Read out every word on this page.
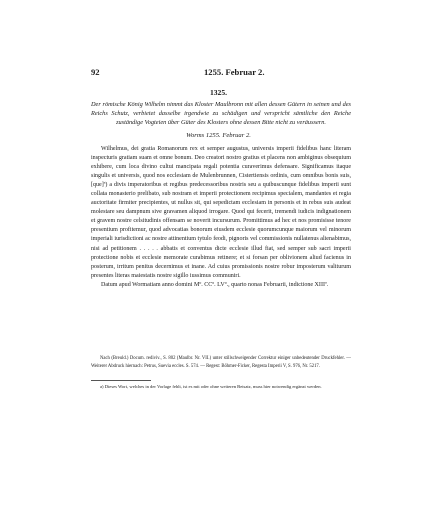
92	1255. Februar 2.
1325.
Der römische König Wilhelm nimmt das Kloster Maulbronn mit allen dessen Gütern in seinen und des Reichs Schutz, verbietet dasselbe irgendwie zu schädigen und verspricht sämtliche den Reiche zuständige Vogteien über Güter des Klosters ohne dessen Bitte nicht zu veräussern.
Worms 1255. Februar 2.

Wilhelmus, dei gratia Romanorum rex et semper augustus, universis imperii fidelibus hanc literam inspecturis gratiam suam et omne bonum. Deo creatori nostro gratius et placens non ambiginus obsequium exhibere, cum loca divino cultui mancipata regali potentia curaverimus defensare. Significamus itaque singulis et universis, quod nos ecclesiam de Mulenbrunnen, Cistertiensis ordinis, cum omnibus bonis suis, [que]ª) a divis imperatoribus et regibus predecessoribus nostris seu a quibuscunque fidelibus imperii sunt collata monasterio prelibato, sub nostram et imperii protectionem recipimus specialem, mandantes et regia auctoritate firmiter precipientes, ut nullus sit, qui sepedictam ecclesiam in personis et in rebus suis audeat molestare seu dampnum sive gravamen aliquod irrogare. Quod qui fecerit, tremendi iudicis indignationem et gravem nostre celsitudinis offensam se noverit incursurum. Promittimus ad hec et nos promisisse tenore presentium profitemur, quod advocatias bonorum eiusdem ecclesie quorumcunque maiorum vel minorum imperiali iurisdictioni ac nostre attinentium tytulo feodi, pignoris vel commissionis nullatenus alienabimus, nisi ad petitionem . . . . . abbatis et conventus dicte ecclesie illud fiat, sed semper sub sacri imperii protectione nobis et ecclesie memorate curabimus retinere; et si forsan per oblivionem aliud facienus in posterum, irritum penitus decernimus et inane. Ad cuius promissionis nostre robur imposterum valiturum presentes literas maiestatis nostre sigillo iussimus communiri.

Datum apud Wormatiam anno domini Mº. CCº. LVº., quarto nonas Februarii, indictione XIIIª.

Nach (Breuld.) Docum. rediviv., S. 802 (Maulbr. Nr. VII.) unter stillschweigender Correktur einiger unbedeutender Druckfehler. — Weiterer Abdruck hiernach: Petrus, Suevia eccles. S. 574. — Regest: Böhmer-Ficker, Regesta Imperii V, S. 976, Nr. 5217.

a) Dieses Wort, welches in der Vorlage fehlt, ist es mit oder ohne weiteren Beisatz, muss hier notwendig ergänzt werden.
